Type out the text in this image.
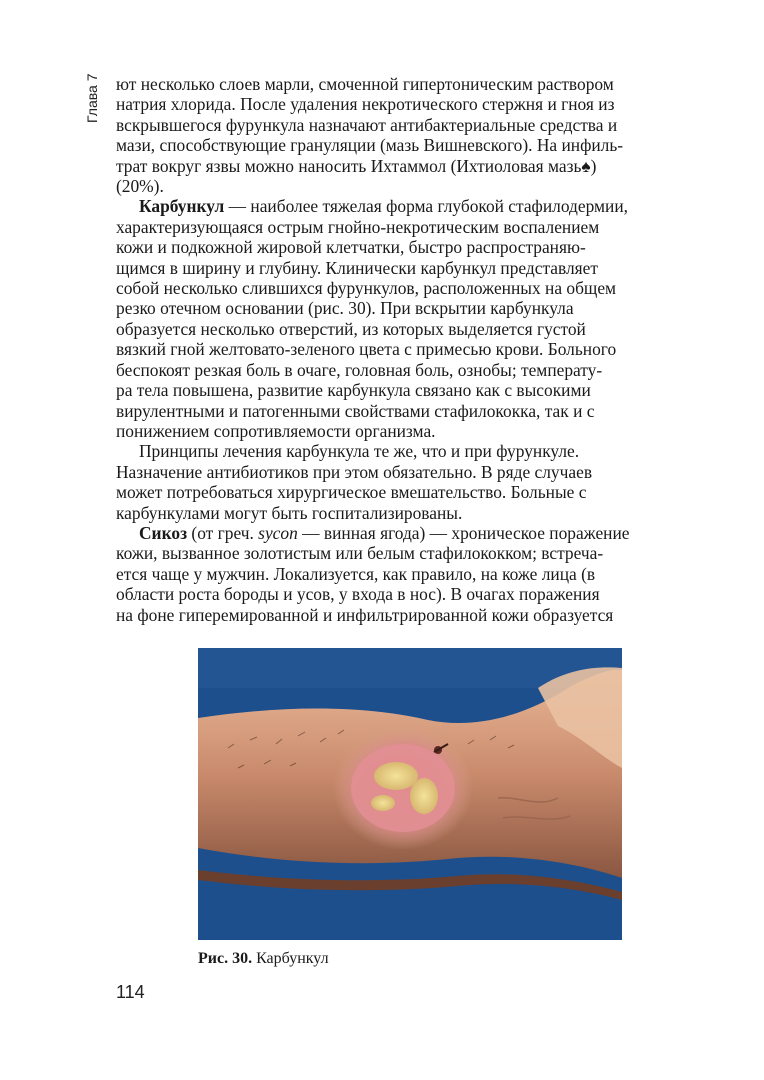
Глава 7 ют несколько слоев марли, смоченной гипертоническим раствором
натрия хлорида. После удаления некротического стержня и гноя из
вскрывшегося фурункула назначают антибактериальные средства и
мази, способствующие грануляции (мазь Вишневского). На инфиль-
трат вокруг язвы можно наносить Ихтаммол (Ихтиоловая мазь♠)
(20%).

Карбункул — наиболее тяжелая форма глубокой стафилодермии,
характеризующаяся острым гнойно-некротическим воспалением
кожи и подкожной жировой клетчатки, быстро распространяю-
щимся в ширину и глубину. Клинически карбункул представляет
собой несколько слившихся фурункулов, расположенных на общем
резко отечном основании (рис. 30). При вскрытии карбункула
образуется несколько отверстий, из которых выделяется густой
вязкий гной желтовато-зеленого цвета с примесью крови. Больного
беспокоят резкая боль в очаге, головная боль, ознобы; температу-
ра тела повышена, развитие карбункула связано как с высокими
вирулентными и патогенными свойствами стафилококка, так и с
понижением сопротивляемости организма.

Принципы лечения карбункула те же, что и при фурункуле.
Назначение антибиотиков при этом обязательно. В ряде случаев
может потребоваться хирургическое вмешательство. Больные с
карбункулами могут быть госпитализированы.

Сикоз (от греч. sycon — винная ягода) — хроническое поражение
кожи, вызванное золотистым или белым стафилококком; встреча-
ется чаще у мужчин. Локализуется, как правило, на коже лица (в
области роста бороды и усов, у входа в нос). В очагах поражения
на фоне гиперемированной и инфильтрированной кожи образуется

Рис. 30. Карбункул
114
